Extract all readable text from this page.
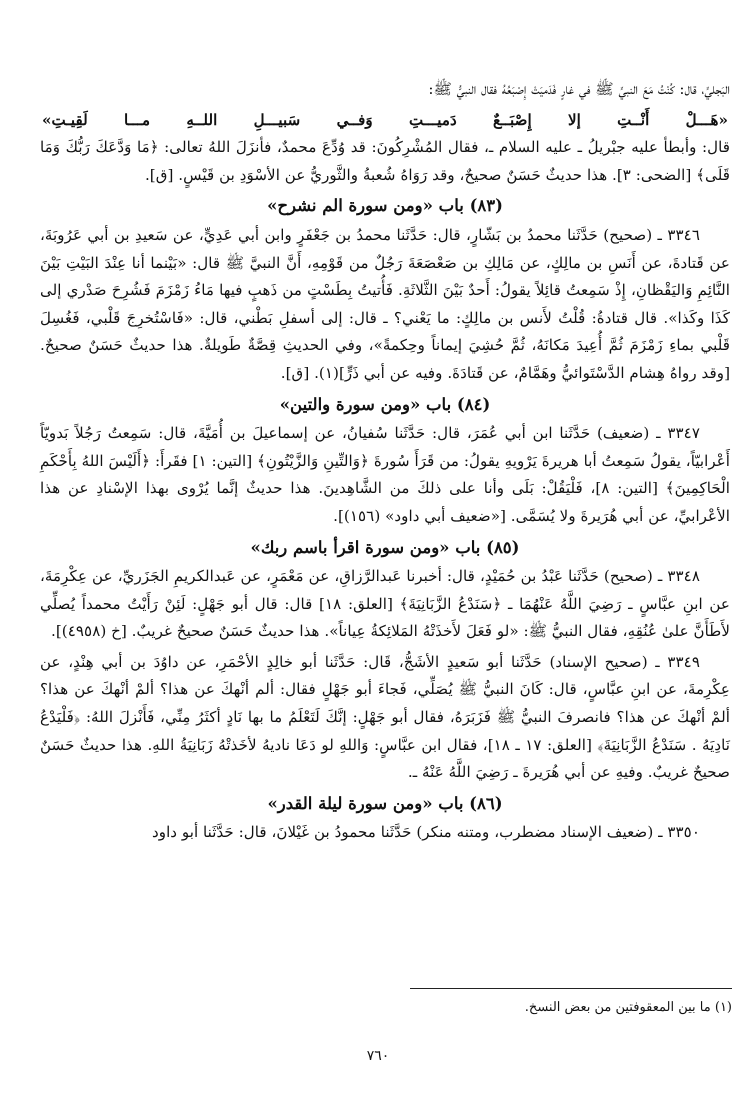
البَجليِّ، قال: كُنْتُ مَعَ النبيِّ ﷺ في غارٍ فَدَميَتْ إِصْبَعُهُ فقال النبيُّ ﷺ:

«هَـــلْ أَنْــتِ إلا إِصْبَــعٌ دَميـــتِ وَفــي سَبيـــلِ اللــهِ مـــا لَقِيـتِ»

قال: وأبطأ عليه جبْريلُ ـ عليه السلام ـ، فقال المُشْرِكُونَ: قد وُدِّعَ محمدٌ، فأنزَلَ اللهُ تعالى: ﴿مَا وَدَّعَكَ رَبُّكَ وَمَا قَلَى﴾ [الضحى: ٣]. هذا حديثٌ حَسَنٌ صحيحٌ، وقد رَوَاهُ شُعبةُ والثَّوريُّ عن الأسْوَدِ بن قَيْسٍ. [ق].

(٨٣) باب «ومن سورة الم نشرح»

٣٣٤٦ ـ (صحيح) حَدَّثَنا محمدُ بن بَشّارٍ، قال: حَدَّثَنا محمدُ بن جَعْفَرٍ وابن أبي عَدِيٍّ، عن سَعيدِ بن أبي عَرُوبَةَ، عن قَتادةَ، عن أَنَسِ بن مالِكٍ، عن مَالِكِ بن صَعْصَعَةَ رَجُلٌ من قَوْمِهِ، أَنَّ النبيَّ ﷺ قال: «بَيْنما أنا عِنْدَ البَيْتِ بَيْنَ النَّائِمِ وَاليَقْظانِ، إِذْ سَمِعتُ قائِلاً يقولُ: أَحدٌ بَيْنَ الثَّلاثَةِ. فَأُتيتُ بِطَسْتٍ من ذَهبٍ فيها مَاءُ زَمْزَمَ فَشُرِحَ صَدْري إلى كَذَا وكَذا». قال قتادةُ: قُلْتُ لأَنس بن مالِكٍ: ما يَعْني؟ ـ قال: إلى أسفلِ بَطْني، قال: «فَاسْتُخرِجَ قَلْبي، فَغُسِلَ قَلْبي بماءِ زَمْزَمَ ثُمَّ أُعِيدَ مَكانَهُ، ثُمَّ حُشِيَ إيماناً وحِكمةً»، وفي الحديثِ قِصَّةٌ طَويلةٌ. هذا حديثٌ حَسَنٌ صحيحٌ. [وقد رواهُ هِشام الدَّسْتَوائيُّ وهَمَّامٌ، عن قَتادَةَ. وفيه عن أبي ذَرٍّ](١). [ق].

(٨٤) باب «ومن سورة والتين»

٣٣٤٧ ـ (ضعيف) حَدَّثَنا ابن أبي عُمَرَ، قال: حَدَّثَنا سُفيانُ، عن إسماعيلَ بن أُمَيَّةَ، قال: سَمِعتُ رَجُلاً بَدويّاً أَعْرابيّاً، يقولُ سَمِعتُ أبا هريرةَ يَرْويهِ يقولُ: من قَرَأَ سُورةَ ﴿وَالتِّينِ وَالزَّيْتُونِ﴾ [التين: ١] فقَرأَ: ﴿أَلَيْسَ اللهُ بِأَحْكَمِ الْحَاكِمِينَ﴾ [التين: ٨]، فَلْيَقُلْ: بَلَى وأنا على ذلكَ من الشَّاهِدينَ. هذا حديثٌ إنَّما يُرْوى بهذا الإسْنادِ عن هذا الأعْرابيِّ، عن أبي هُرَيرةَ ولا يُسَمَّى. [«ضعيف أبي داود» (١٥٦)].

(٨٥) باب «ومن سورة اقرأ باسم ربك»

٣٣٤٨ ـ (صحيح) حَدَّثَنا عَبْدُ بن حُمَيْدٍ، قال: أخبرنا عَبدالرَّزاقِ، عن مَعْمَرٍ، عن عَبدالكريمِ الجَزَريِّ، عن عِكْرِمَةَ، عن ابنِ عبَّاسٍ ـ رَضِيَ اللَّهُ عَنْهُمَا ـ ﴿سَنَدْعُ الزَّبَانِيَةَ﴾ [العلق: ١٨] قال: قال أبو جَهْلٍ: لَئِنْ رَأَيْتُ محمداً يُصلِّي لأَطَأَنَّ علىٰ عُنُقِهِ، فقال النبيُّ ﷺ: «لو فَعَلَ لأَخذَتْهُ المَلائِكةُ عِياناً». هذا حديثٌ حَسَنٌ صحيحٌ غريبٌ. [خ (٤٩٥٨)].

٣٣٤٩ ـ (صحيح الإسناد) حَدَّثَنا أبو سَعيدٍ الأشَجُّ، قَال: حَدَّثَنا أبو خالِدٍ الأحْمَرِ، عن داوُدَ بن أبي هِنْدٍ، عن عِكْرِمةَ، عن ابنِ عبَّاسٍ، قال: كَانَ النبيُّ ﷺ يُصَلِّي، فَجاءَ أبو جَهْلٍ فقال: ألم أنْهكَ عن هذا؟ ألمْ أنْهكَ عن هذا؟ ألمْ أنْهكَ عن هذا؟ فانصرفَ النبيُّ ﷺ فَزَبَرَهُ، فقال أبو جَهْلٍ: إنَّكَ لَتَعْلَمُ ما بها نَادٍ أكثَرُ مِنِّي، فَأَنْزلَ اللهُ: ﴿فَلْيَدْعُ نَادِيَهُ . سَنَدْعُ الزَّبَانِيَةَ﴾ [العلق: ١٧ ـ ١٨]، فقال ابن عبَّاسٍ: وَاللهِ لو دَعَا ناديهُ لأخَذتْهُ زَبَانِيَةُ اللهِ. هذا حديثٌ حَسَنٌ صحيحٌ غريبٌ. وفيهِ عن أبي هُرَيرةَ ـ رَضِيَ اللَّهُ عَنْهُ ـ.

(٨٦) باب «ومن سورة ليلة القدر»

٣٣٥٠ ـ (ضعيف الإسناد مضطرب، ومتنه منكر) حَدَّثَنا محمودُ بن غَيْلانَ، قال: حَدَّثَنا أبو داود

(١) ما بين المعقوفتين من بعض النسخ.
٧٦٠
